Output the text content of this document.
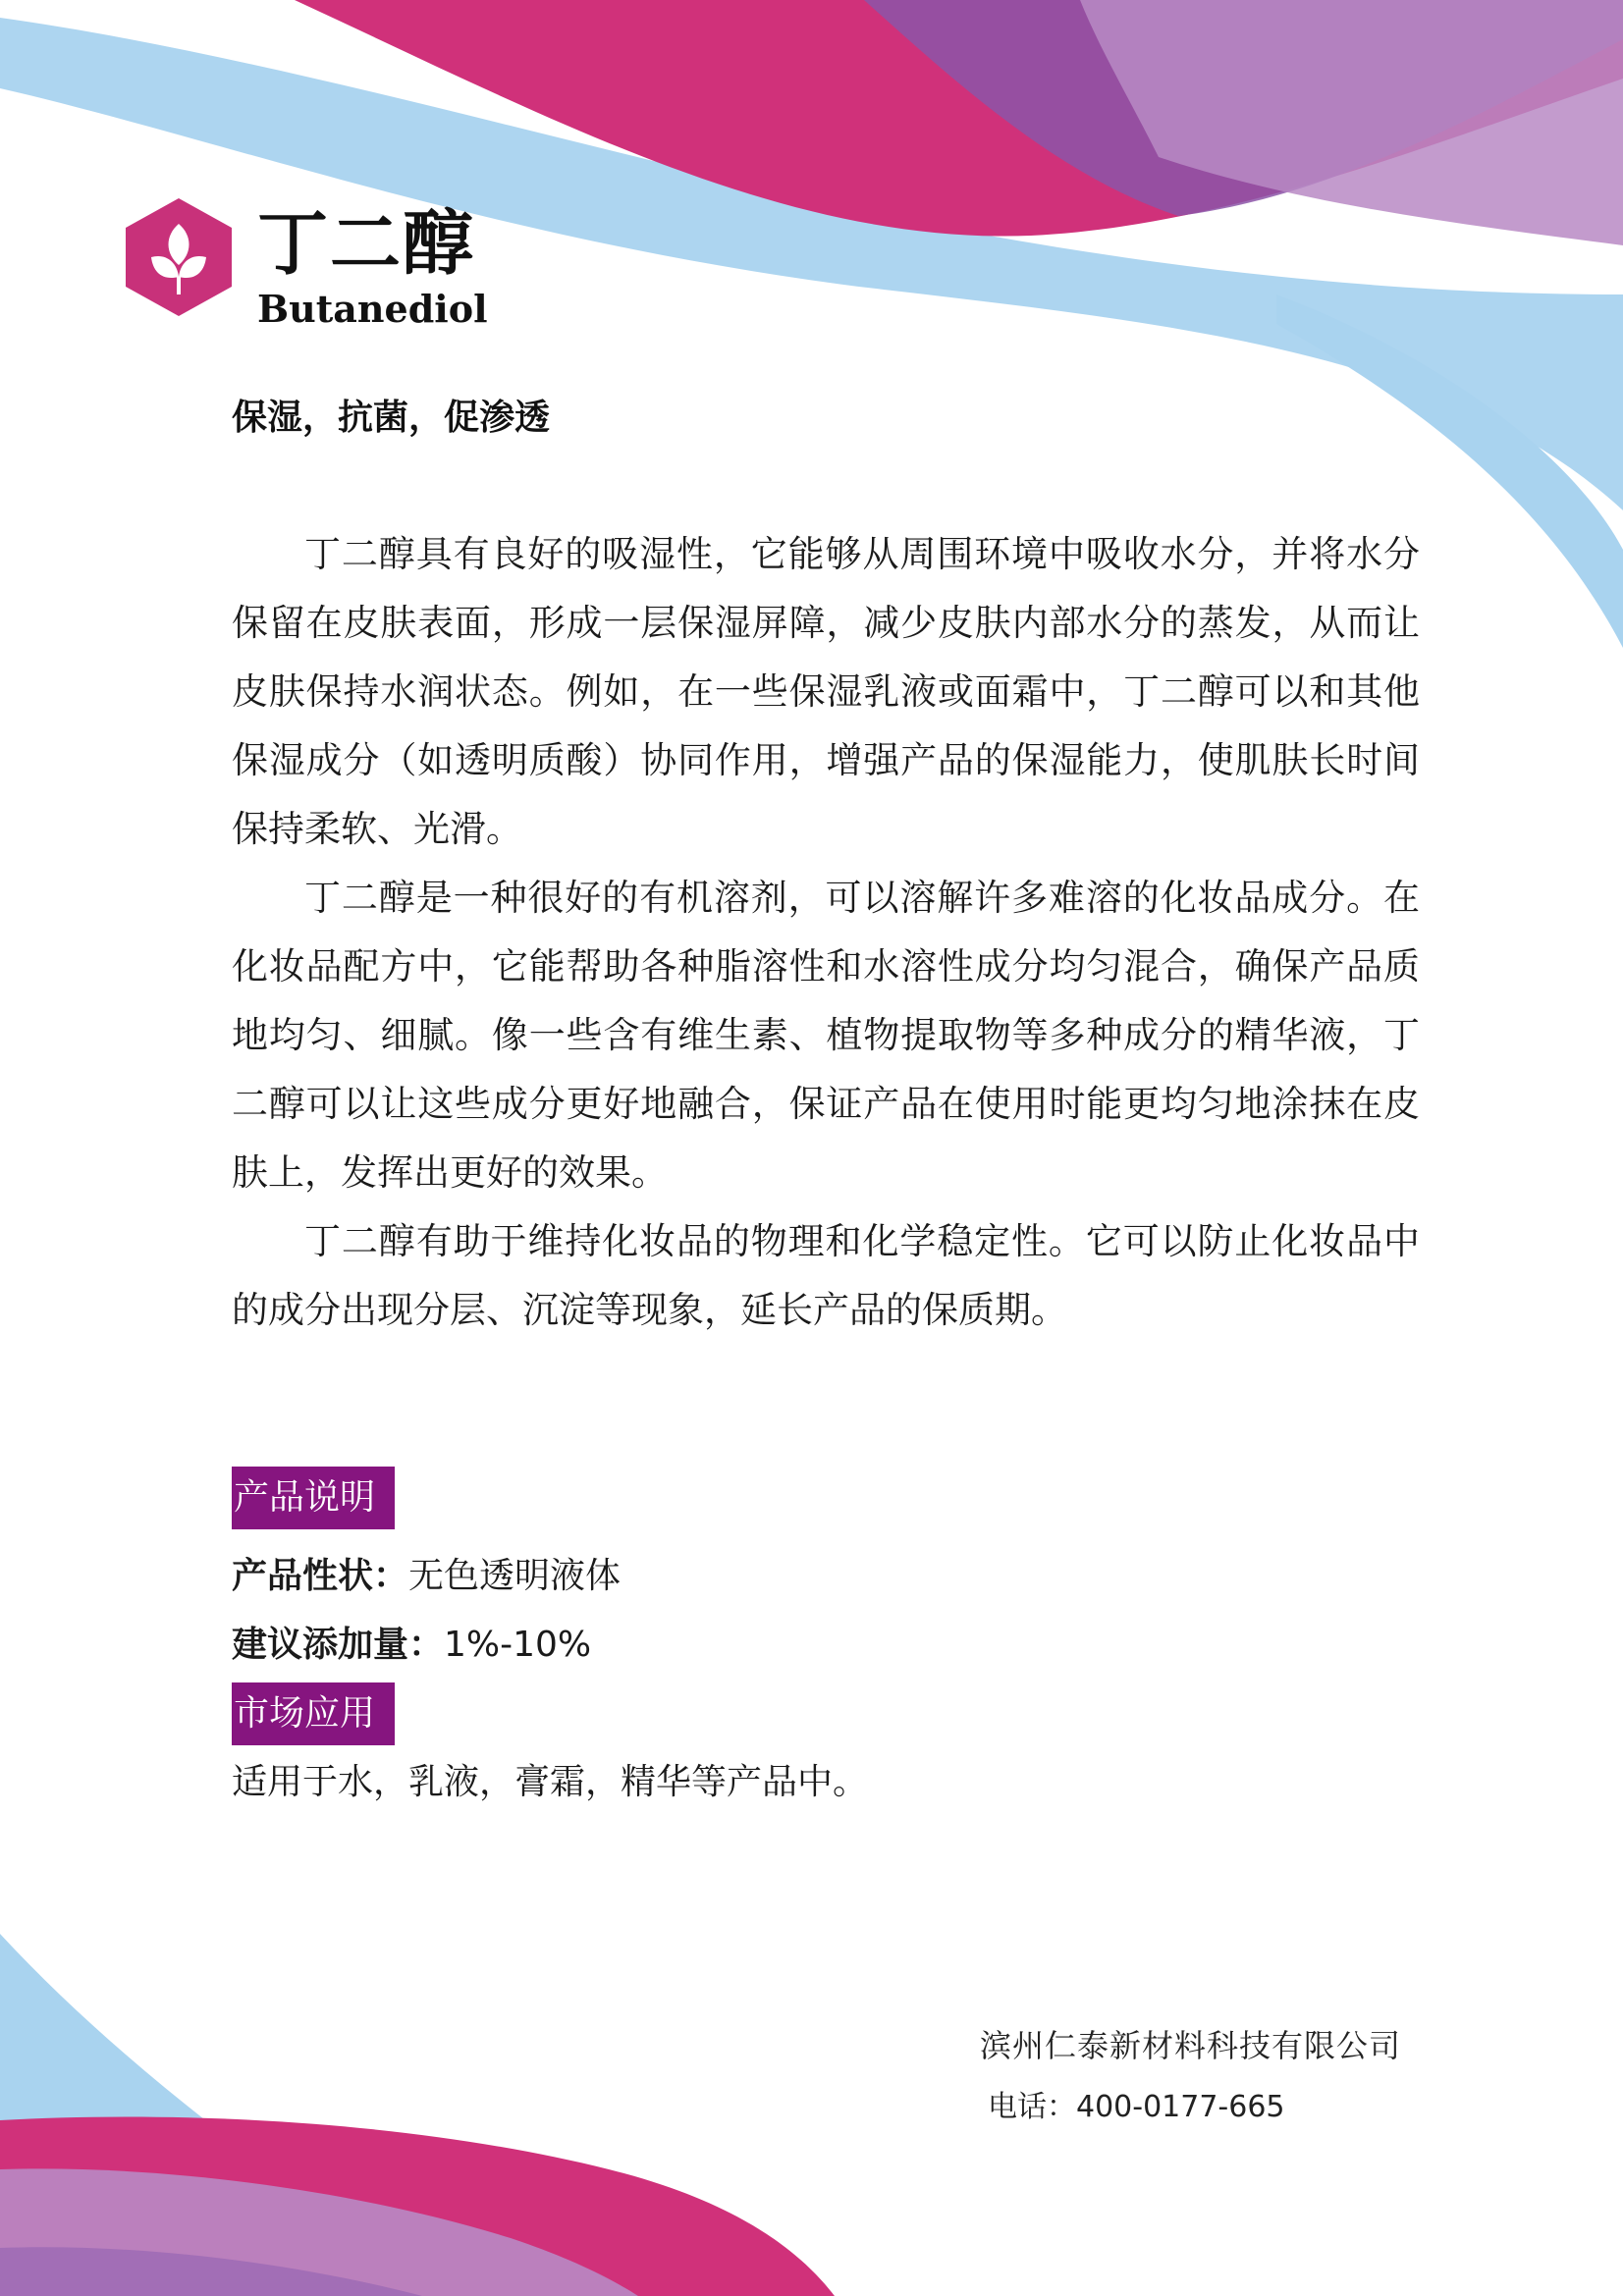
丁二醇
Butanediol
保湿，抗菌，促渗透

丁二醇具有良好的吸湿性，它能够从周围环境中吸收水分，并将水分保留在皮肤表面，形成一层保湿屏障，减少皮肤内部水分的蒸发，从而让皮肤保持水润状态。例如，在一些保湿乳液或面霜中，丁二醇可以和其他保湿成分（如透明质酸）协同作用，增强产品的保湿能力，使肌肤长时间保持柔软、光滑。

丁二醇是一种很好的有机溶剂，可以溶解许多难溶的化妆品成分。在化妆品配方中，它能帮助各种脂溶性和水溶性成分均匀混合，确保产品质地均匀、细腻。像一些含有维生素、植物提取物等多种成分的精华液，丁二醇可以让这些成分更好地融合，保证产品在使用时能更均匀地涂抹在皮肤上，发挥出更好的效果。

丁二醇有助于维持化妆品的物理和化学稳定性。它可以防止化妆品中的成分出现分层、沉淀等现象，延长产品的保质期。

产品说明
产品性状：无色透明液体
建议添加量：1%-10%
市场应用
适用于水，乳液，膏霜，精华等产品中。
滨州仁泰新材料科技有限公司
电话：400-0177-665
